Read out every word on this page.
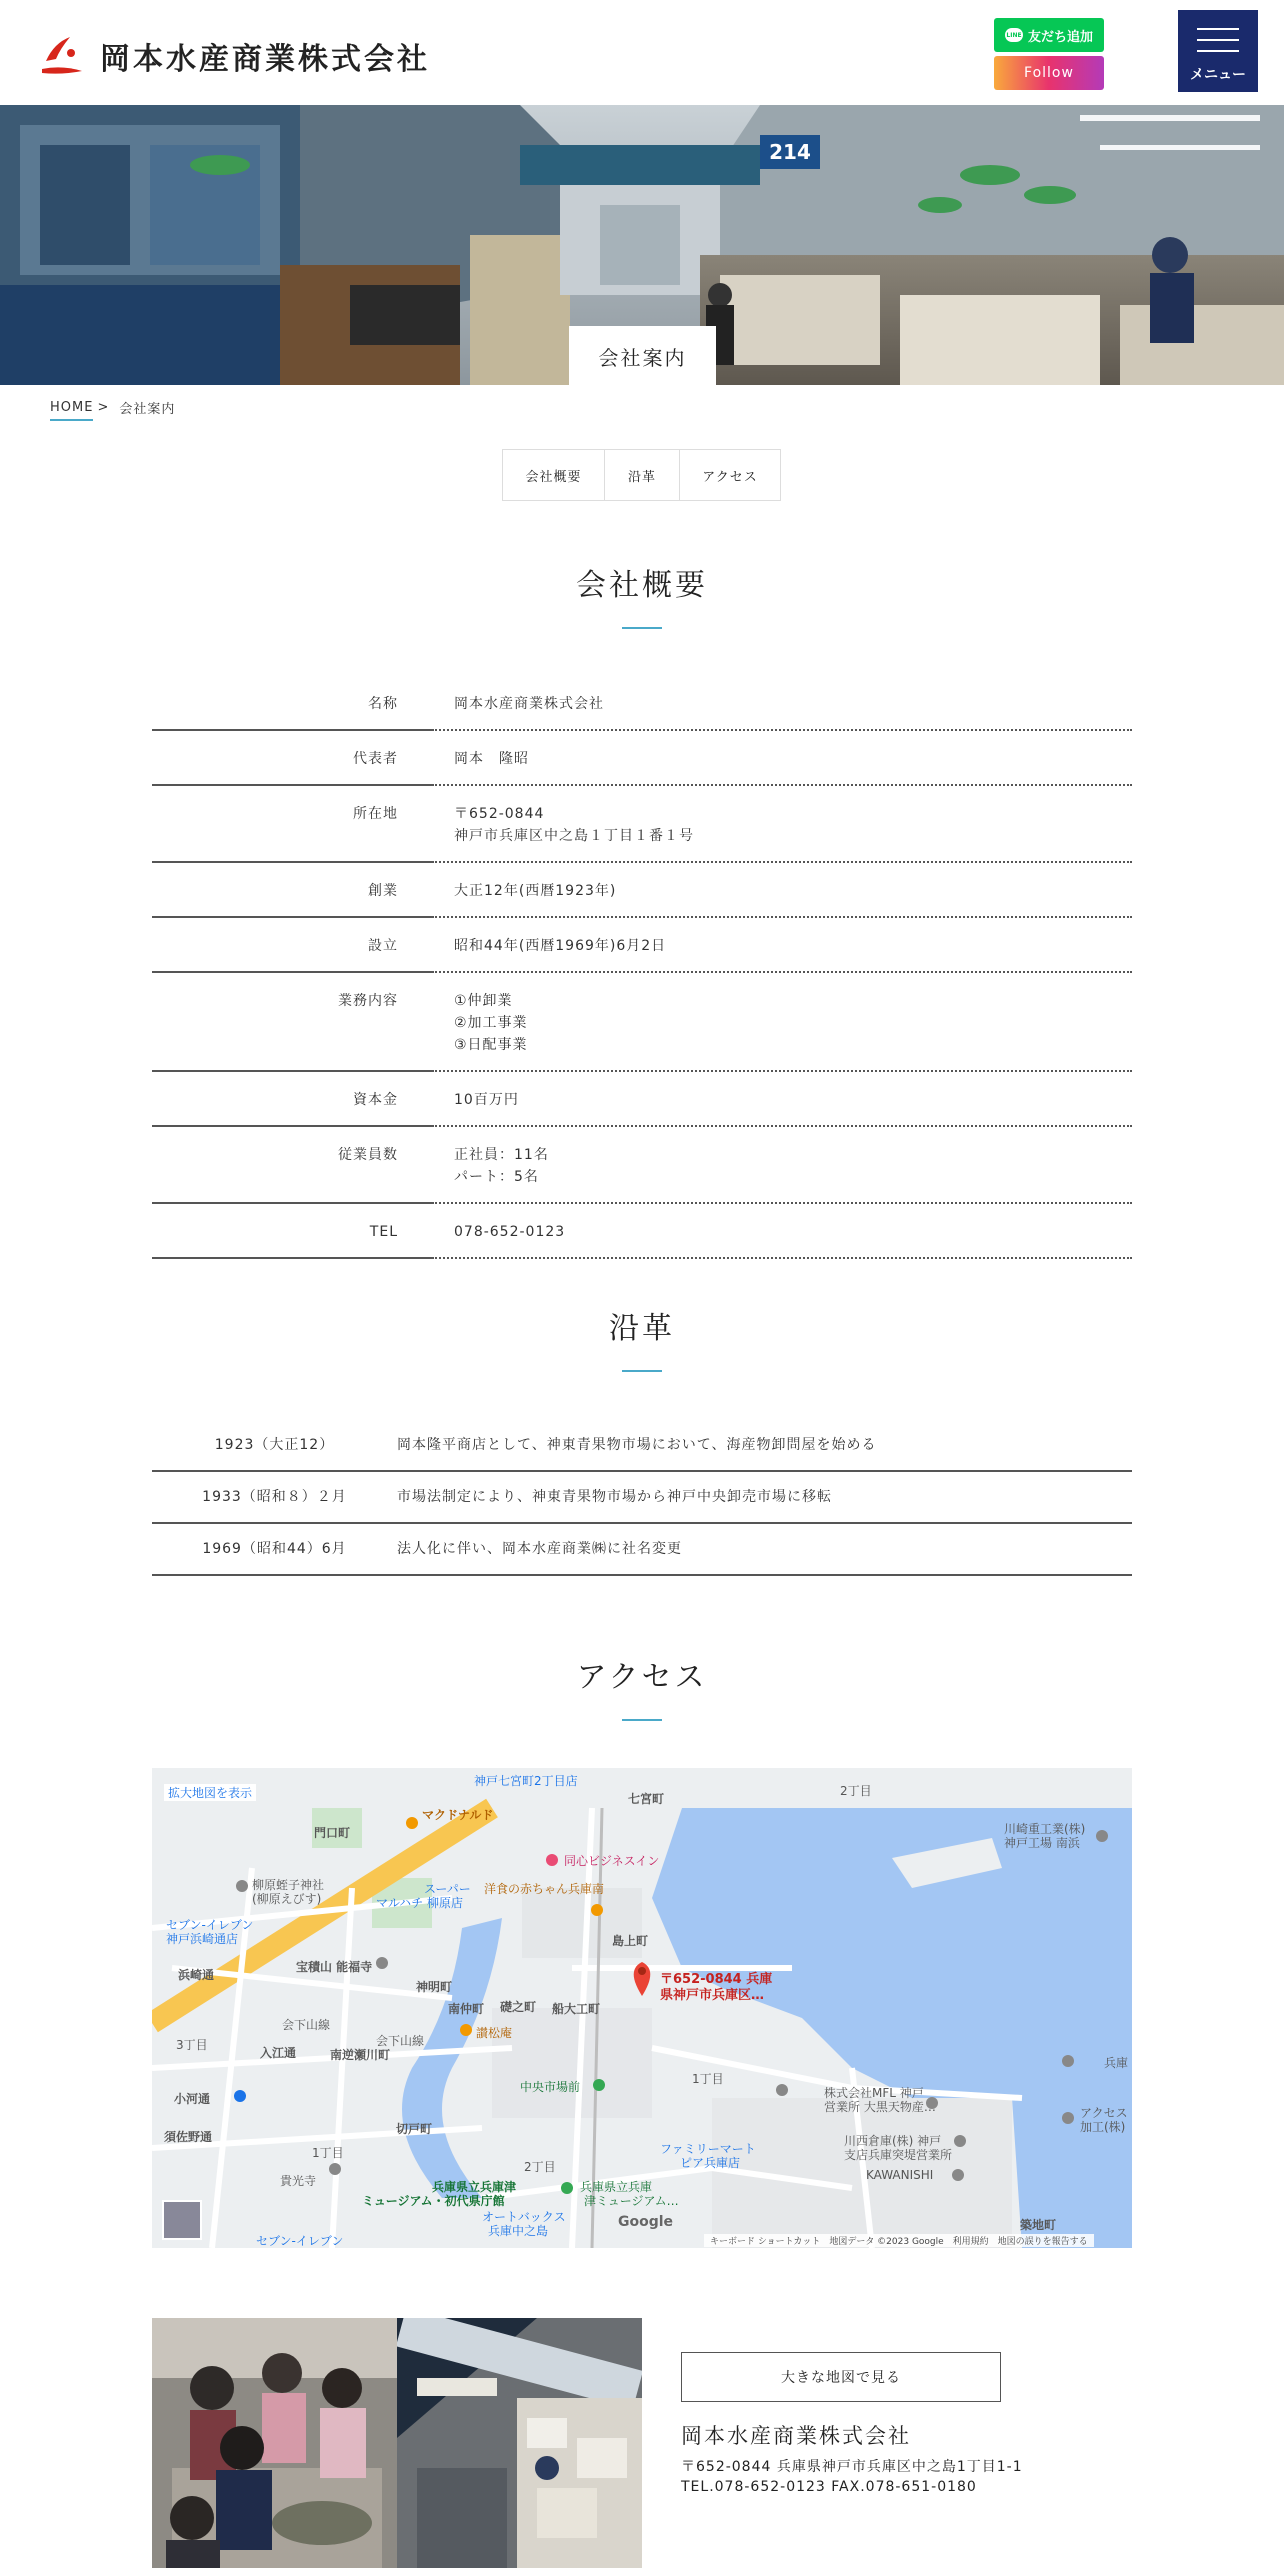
岡本水産商業株式会社
LINE 友だち追加
Follow	メニュー
214
会社案内
HOME > 会社案内
会社概要	沿革	アクセス
会社概要
名称	岡本水産商業株式会社

代表者	岡本　隆昭

所在地	〒652-0844
神戸市兵庫区中之島１丁目１番１号

創業	大正12年(西暦1923年)

設立	昭和44年(西暦1969年)6月2日

業務内容	①仲卸業
②加工事業
③日配事業

資本金	10百万円

従業員数	正社員：11名
パート：5名

TEL	078-652-0123

沿革
1923（大正12）	岡本隆平商店として、神東青果物市場において、海産物卸問屋を始める
1933（昭和８）２月	市場法制定により、神東青果物市場から神戸中央卸売市場に移転
1969（昭和44）6月	法人化に伴い、岡本水産商業㈱に社名変更
アクセス
拡大地図を表示
〒652-0844 兵庫
県神戸市兵庫区…
七宮町
2丁目
門口町
マクドナルド
同心ビジネスイン
柳原蛭子神社
(柳原えびす)
セブン-イレブン
神戸浜崎通店
浜崎通
宝積山 能福寺
スーパー
マルハチ 柳原店
洋食の赤ちゃん兵庫南
島上町
神明町
南仲町 礎之町 船大工町
入江通	南逆瀬川町
讃松庵
中央市場前
小河通
須佐野通
切戸町
1丁目
株式会社MFL 神戸
営業所 大黒天物産…
川西倉庫(株) 神戸
支店兵庫突堤営業所
KAWANISHI
ファミリーマート
ピア兵庫店
兵庫県立兵庫津
ミュージアム・初代県庁館
兵庫県立兵庫
津ミュージアム…
川崎重工業(株)
神戸工場 南浜
アクセス
加工(株)
築地町
会下山線
オートバックス
兵庫中之島
貴光寺
3丁目
2丁目
1丁目
会下山線
兵庫
セブン-イレブン
神戸七宮町2丁目店
Google
キーボード ショートカット　地図データ ©2023 Google　利用規約　地図の誤りを報告する
大きな地図で見る
岡本水産商業株式会社
〒652-0844 兵庫県神戸市兵庫区中之島1丁目1-1
TEL.078-652-0123 FAX.078-651-0180
